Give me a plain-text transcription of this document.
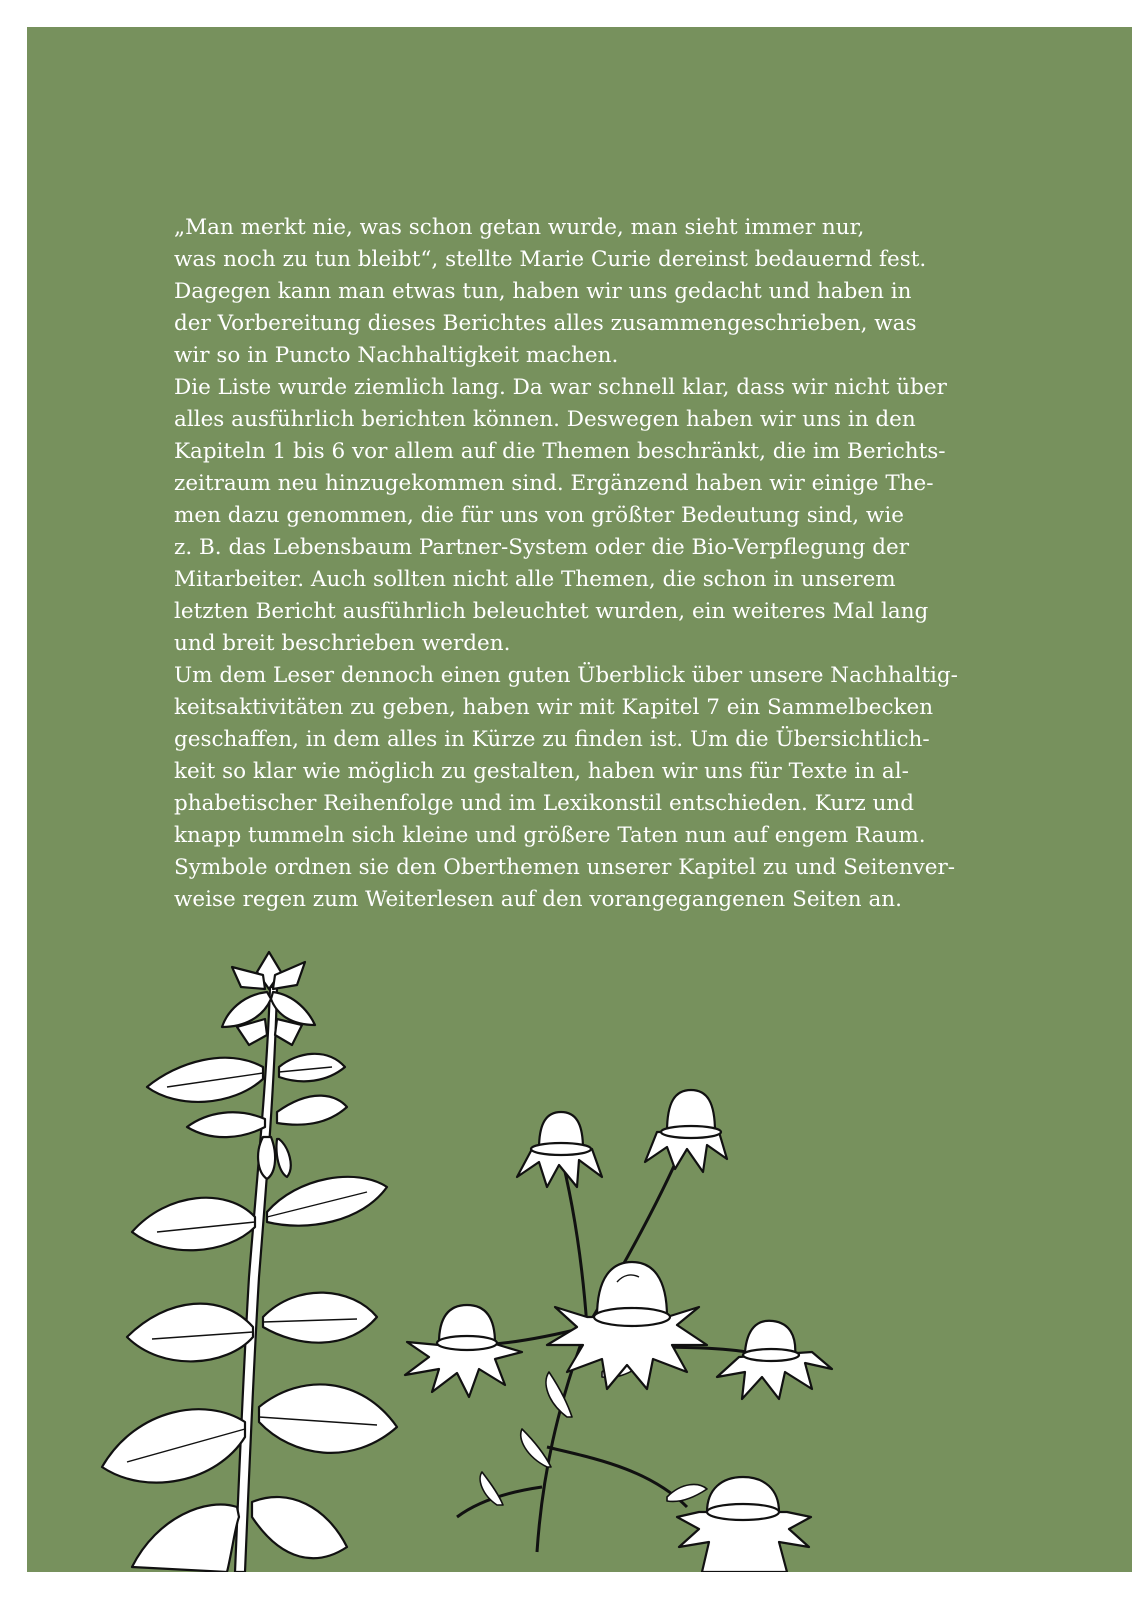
„Man merkt nie, was schon getan wurde, man sieht immer nur,
was noch zu tun bleibt“, stellte Marie Curie dereinst bedauernd fest.
Dagegen kann man etwas tun, haben wir uns gedacht und haben in
der Vorbereitung dieses Berichtes alles zusammengeschrieben, was
wir so in Puncto Nachhaltigkeit machen.
Die Liste wurde ziemlich lang. Da war schnell klar, dass wir nicht über
alles ausführlich berichten können. Deswegen haben wir uns in den
Kapiteln 1 bis 6 vor allem auf die Themen beschränkt, die im Berichts-
zeitraum neu hinzugekommen sind. Ergänzend haben wir einige The-
men dazu genommen, die für uns von größter Bedeutung sind, wie
z. B. das Lebensbaum Partner-System oder die Bio-Verpflegung der
Mitarbeiter. Auch sollten nicht alle Themen, die schon in unserem
letzten Bericht ausführlich beleuchtet wurden, ein weiteres Mal lang
und breit beschrieben werden.
Um dem Leser dennoch einen guten Überblick über unsere Nachhaltig-
keitsaktivitäten zu geben, haben wir mit Kapitel 7 ein Sammelbecken
geschaffen, in dem alles in Kürze zu finden ist. Um die Übersichtlich-
keit so klar wie möglich zu gestalten, haben wir uns für Texte in al-
phabetischer Reihenfolge und im Lexikonstil entschieden. Kurz und
knapp tummeln sich kleine und größere Taten nun auf engem Raum.
Symbole ordnen sie den Oberthemen unserer Kapitel zu und Seitenver-
weise regen zum Weiterlesen auf den vorangegangenen Seiten an.
